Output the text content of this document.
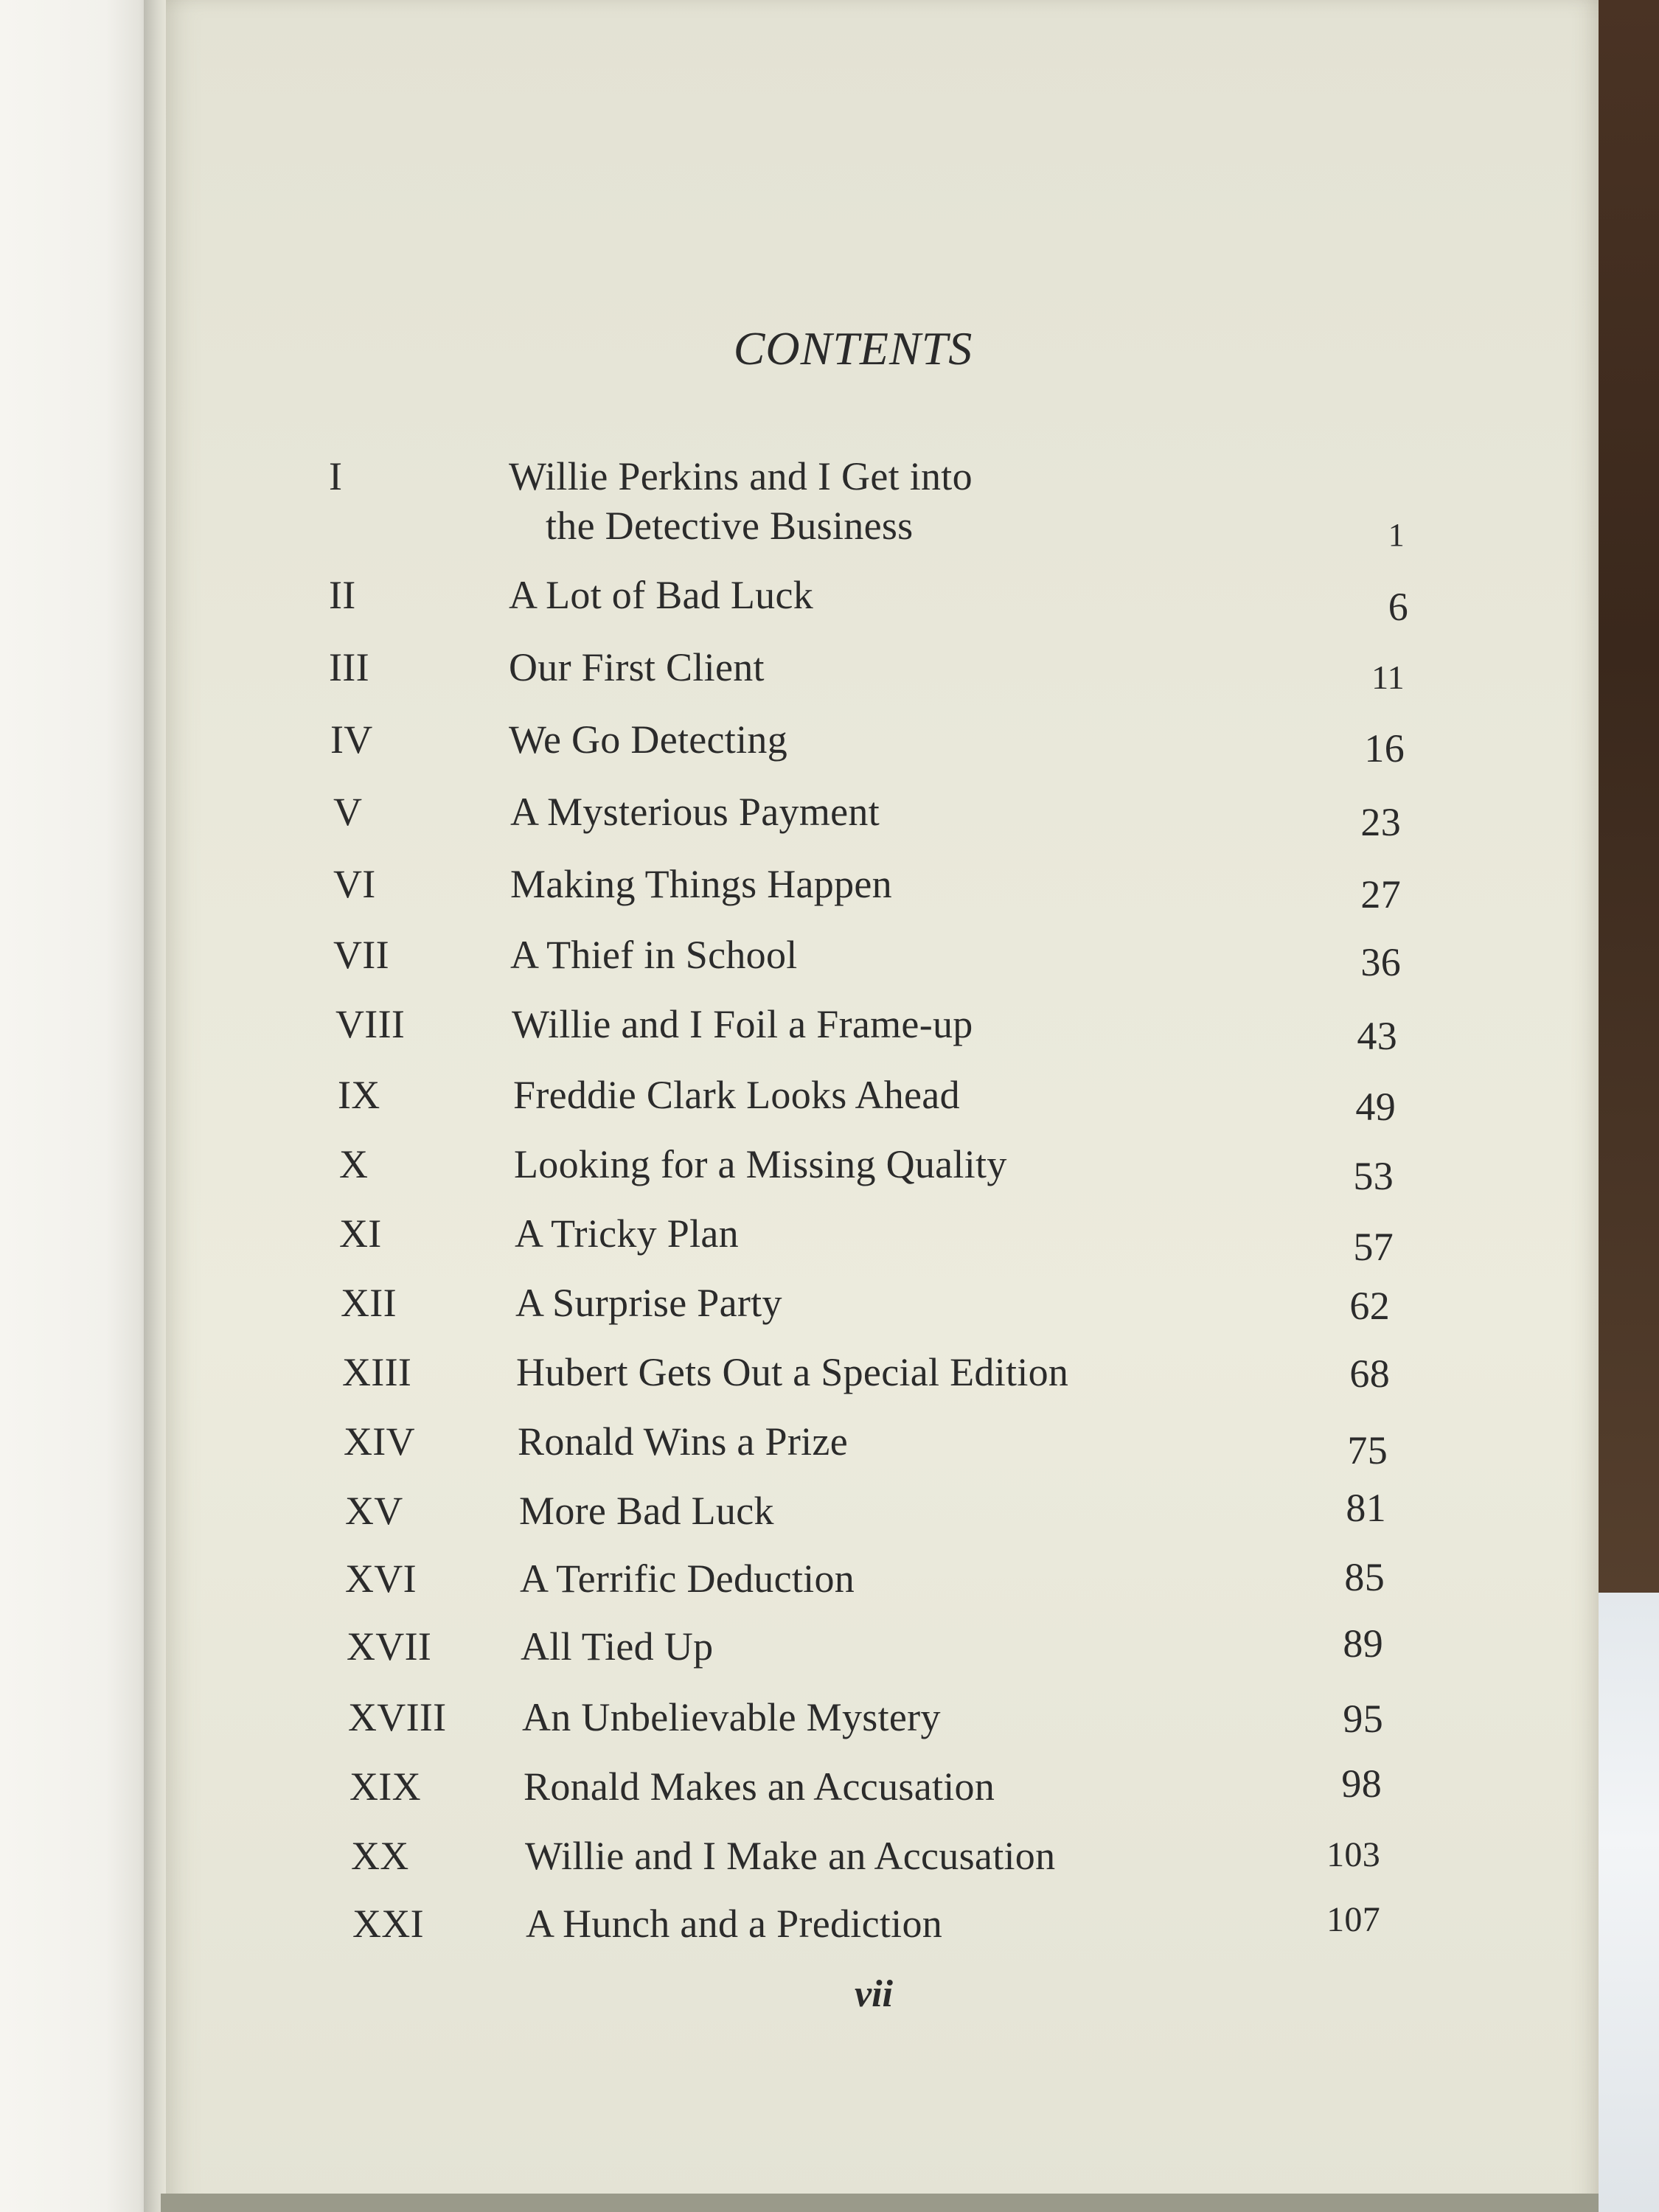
CONTENTS
I	Willie Perkins and I Get into
the Detective Business	1
II	A Lot of Bad Luck	6
III	Our First Client	11
IV	We Go Detecting	16
V	A Mysterious Payment	23
VI	Making Things Happen	27
VII	A Thief in School	36
VIII	Willie and I Foil a Frame-up	43
IX	Freddie Clark Looks Ahead	49
X	Looking for a Missing Quality	53
XI	A Tricky Plan	57
XII	A Surprise Party	62
XIII	Hubert Gets Out a Special Edition	68
XIV	Ronald Wins a Prize	75
XV	More Bad Luck	81
XVI	A Terrific Deduction	85
XVII All Tied Up	89
XVIII An Unbelievable Mystery	95
XIX	Ronald Makes an Accusation	98
XX	Willie and I Make an Accusation	103
XXI	A Hunch and a Prediction	107
vii
